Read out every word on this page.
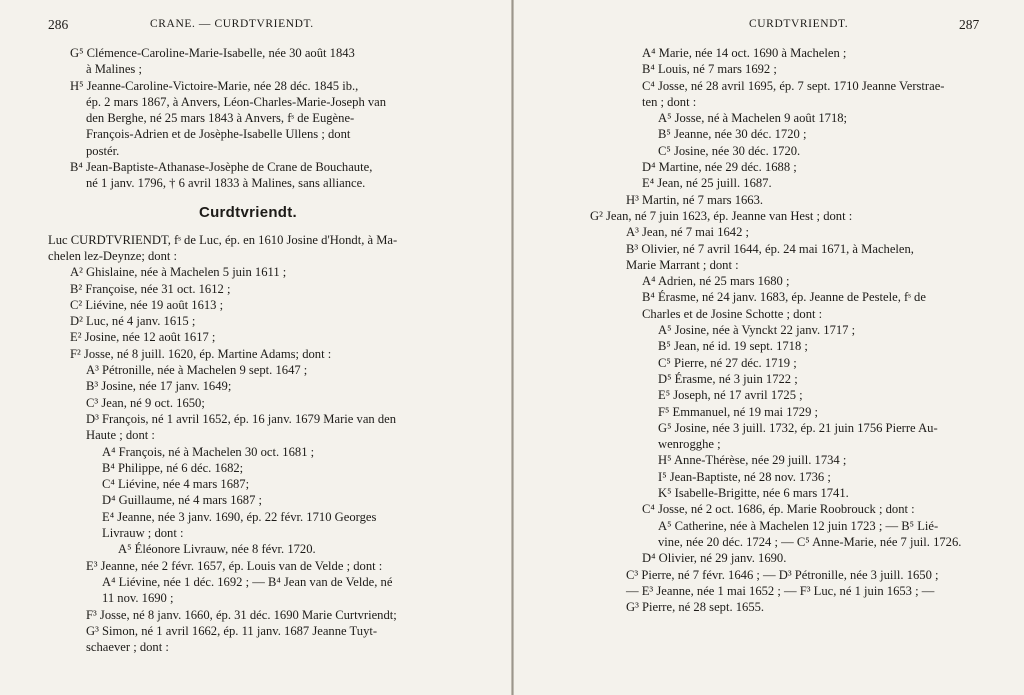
286	CRANE. — CURDTVRIENDT.
G⁵ Clémence-Caroline-Marie-Isabelle, née 30 août 1843
à Malines ;
H⁵ Jeanne-Caroline-Victoire-Marie, née 28 déc. 1845 ib.,
ép. 2 mars 1867, à Anvers, Léon-Charles-Marie-Joseph van
den Berghe, né 25 mars 1843 à Anvers, fˢ de Eugène-
François-Adrien et de Josèphe-Isabelle Ullens ; dont
postér.
B⁴ Jean-Baptiste-Athanase-Josèphe de Crane de Bouchaute,
né 1 janv. 1796, † 6 avril 1833 à Malines, sans alliance.
Curdtvriendt.
Luc CURDTVRIENDT, fˢ de Luc, ép. en 1610 Josine d'Hondt, à Ma-
chelen lez-Deynze; dont :
A² Ghislaine, née à Machelen 5 juin 1611 ;
B² Françoise, née 31 oct. 1612 ;
C² Liévine, née 19 août 1613 ;
D² Luc, né 4 janv. 1615 ;
E² Josine, née 12 août 1617 ;
F² Josse, né 8 juill. 1620, ép. Martine Adams; dont :
A³ Pétronille, née à Machelen 9 sept. 1647 ;
B³ Josine, née 17 janv. 1649;
C³ Jean, né 9 oct. 1650;
D³ François, né 1 avril 1652, ép. 16 janv. 1679 Marie van den
Haute ; dont :
A⁴ François, né à Machelen 30 oct. 1681 ;
B⁴ Philippe, né 6 déc. 1682;
C⁴ Liévine, née 4 mars 1687;
D⁴ Guillaume, né 4 mars 1687 ;
E⁴ Jeanne, née 3 janv. 1690, ép. 22 févr. 1710 Georges
Livrauw ; dont :
A⁵ Éléonore Livrauw, née 8 févr. 1720.
E³ Jeanne, née 2 févr. 1657, ép. Louis van de Velde ; dont :
A⁴ Liévine, née 1 déc. 1692 ; — B⁴ Jean van de Velde, né
11 nov. 1690 ;
F³ Josse, né 8 janv. 1660, ép. 31 déc. 1690 Marie Curtvriendt;
G³ Simon, né 1 avril 1662, ép. 11 janv. 1687 Jeanne Tuyt-
schaever ; dont :
CURDTVRIENDT.	287
A⁴ Marie, née 14 oct. 1690 à Machelen ;
B⁴ Louis, né 7 mars 1692 ;
C⁴ Josse, né 28 avril 1695, ép. 7 sept. 1710 Jeanne Verstrae-
ten ; dont :
A⁵ Josse, né à Machelen 9 août 1718;
B⁵ Jeanne, née 30 déc. 1720 ;
C⁵ Josine, née 30 déc. 1720.
D⁴ Martine, née 29 déc. 1688 ;
E⁴ Jean, né 25 juill. 1687.
H³ Martin, né 7 mars 1663.
G² Jean, né 7 juin 1623, ép. Jeanne van Hest ; dont :
A³ Jean, né 7 mai 1642 ;
B³ Olivier, né 7 avril 1644, ép. 24 mai 1671, à Machelen,
Marie Marrant ; dont :
A⁴ Adrien, né 25 mars 1680 ;
B⁴ Érasme, né 24 janv. 1683, ép. Jeanne de Pestele, fˢ de
Charles et de Josine Schotte ; dont :
A⁵ Josine, née à Vynckt 22 janv. 1717 ;
B⁵ Jean, né id. 19 sept. 1718 ;
C⁵ Pierre, né 27 déc. 1719 ;
D⁵ Érasme, né 3 juin 1722 ;
E⁵ Joseph, né 17 avril 1725 ;
F⁵ Emmanuel, né 19 mai 1729 ;
G⁵ Josine, née 3 juill. 1732, ép. 21 juin 1756 Pierre Au-
wenrogghe ;
H⁵ Anne-Thérèse, née 29 juill. 1734 ;
I⁵ Jean-Baptiste, né 28 nov. 1736 ;
K⁵ Isabelle-Brigitte, née 6 mars 1741.
C⁴ Josse, né 2 oct. 1686, ép. Marie Roobrouck ; dont :
A⁵ Catherine, née à Machelen 12 juin 1723 ; — B⁵ Lié-
vine, née 20 déc. 1724 ; — C⁵ Anne-Marie, née 7 juil. 1726.
D⁴ Olivier, né 29 janv. 1690.
C³ Pierre, né 7 févr. 1646 ; — D³ Pétronille, née 3 juill. 1650 ;
— E³ Jeanne, née 1 mai 1652 ; — F³ Luc, né 1 juin 1653 ; —
G³ Pierre, né 28 sept. 1655.
